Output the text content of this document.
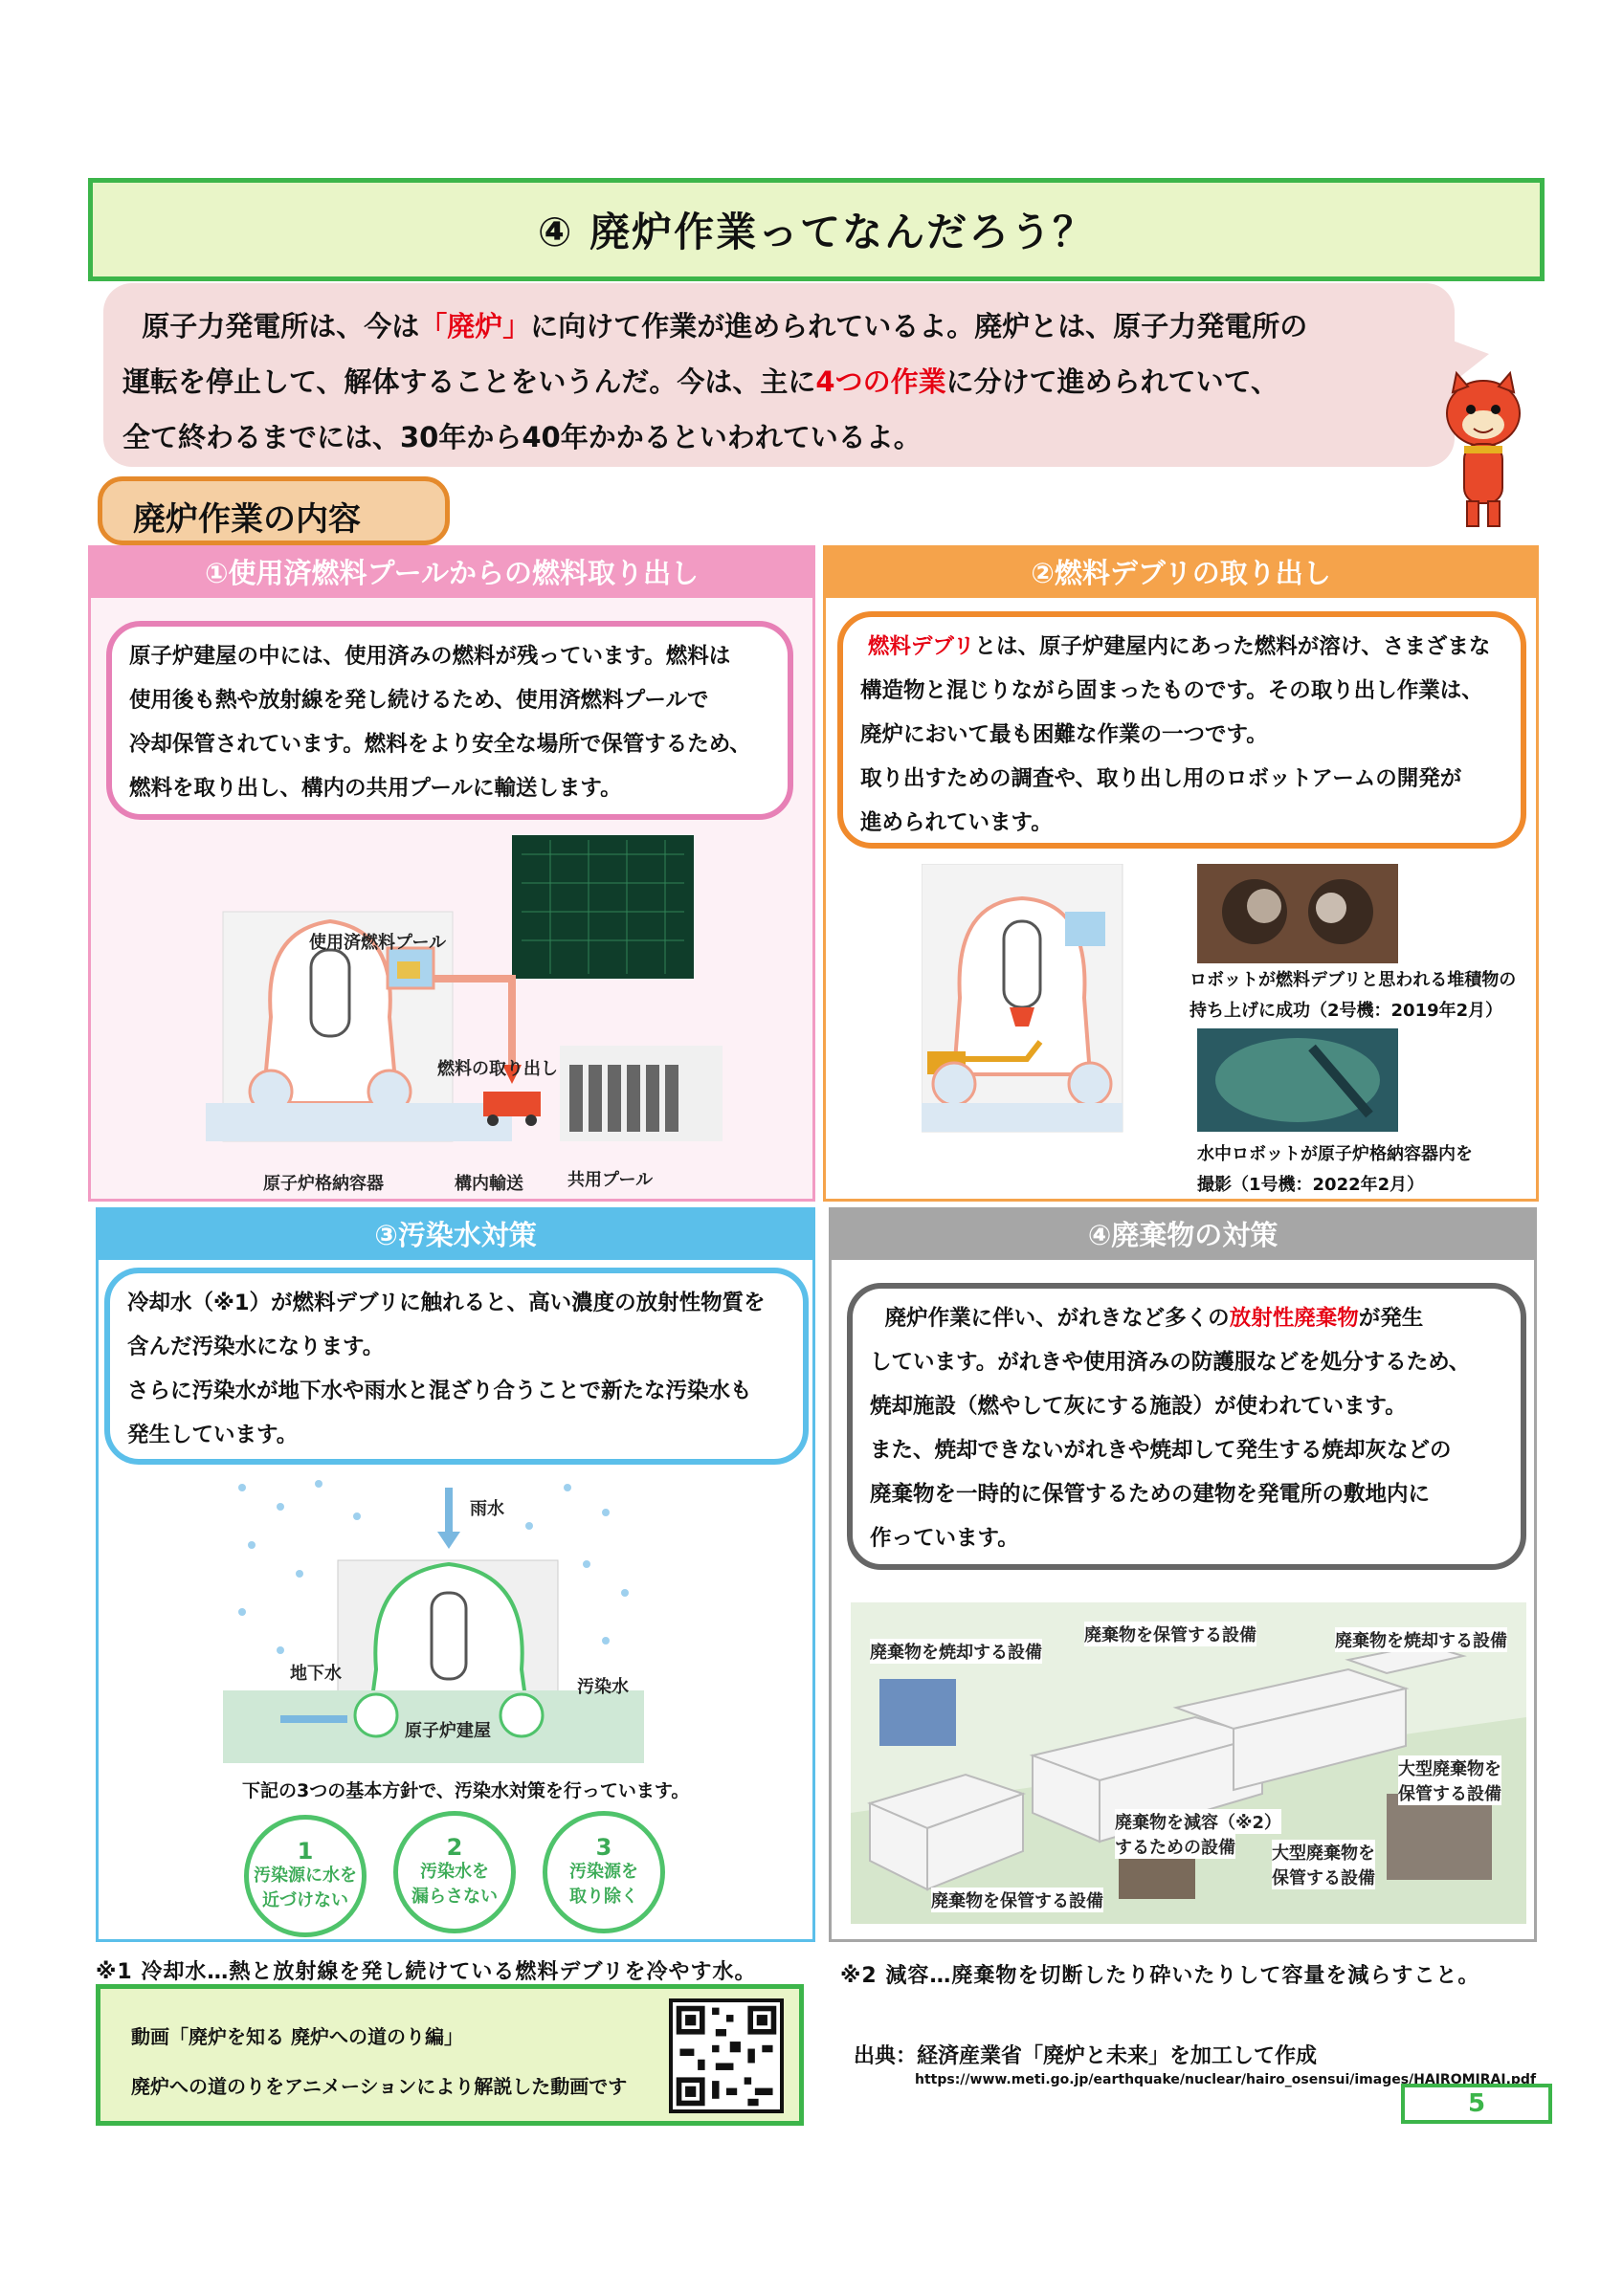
④ 廃炉作業ってなんだろう？
原子力発電所は、今は「廃炉」に向けて作業が進められているよ。廃炉とは、原子力発電所の
運転を停止して、解体することをいうんだ。今は、主に4つの作業に分けて進められていて、
全て終わるまでには、30年から40年かかるといわれているよ。
廃炉作業の内容
①使用済燃料プールからの燃料取り出し
原子炉建屋の中には、使用済みの燃料が残っています。燃料は
使用後も熱や放射線を発し続けるため、使用済燃料プールで
冷却保管されています。燃料をより安全な場所で保管するため、
燃料を取り出し、構内の共用プールに輸送します。
使用済燃料プール
燃料の取り出し
原子炉格納容器	構内輸送	共用プール
②燃料デブリの取り出し
燃料デブリとは、原子炉建屋内にあった燃料が溶け、さまざまな
構造物と混じりながら固まったものです。その取り出し作業は、
廃炉において最も困難な作業の一つです。
取り出すための調査や、取り出し用のロボットアームの開発が
進められています。
ロボットが燃料デブリと思われる堆積物の
持ち上げに成功（2号機：2019年2月）
水中ロボットが原子炉格納容器内を
撮影（1号機：2022年2月）
③汚染水対策
冷却水（※1）が燃料デブリに触れると、高い濃度の放射性物質を
含んだ汚染水になります。
さらに汚染水が地下水や雨水と混ざり合うことで新たな汚染水も
発生しています。
雨水
地下水
汚染水
原子炉建屋
下記の3つの基本方針で、汚染水対策を行っています。
1
汚染源に水を
近づけない
2
汚染水を
漏らさない
3
汚染源を
取り除く
④廃棄物の対策
廃炉作業に伴い、がれきなど多くの放射性廃棄物が発生
しています。がれきや使用済みの防護服などを処分するため、
焼却施設（燃やして灰にする施設）が使われています。
また、焼却できないがれきや焼却して発生する焼却灰などの
廃棄物を一時的に保管するための建物を発電所の敷地内に
作っています。
廃棄物を焼却する設備
廃棄物を保管する設備	廃棄物を焼却する設備
大型廃棄物を
保管する設備
廃棄物を減容（※2）
するための設備 大型廃棄物を
保管する設備
廃棄物を保管する設備
※1 冷却水…熱と放射線を発し続けている燃料デブリを冷やす水。	※2 減容…廃棄物を切断したり砕いたりして容量を減らすこと。
動画「廃炉を知る 廃炉への道のり編」
廃炉への道のりをアニメーションにより解説した動画です
出典：経済産業省「廃炉と未来」を加工して作成
https://www.meti.go.jp/earthquake/nuclear/hairo_osensui/images/HAIROMIRAI.pdf
5
